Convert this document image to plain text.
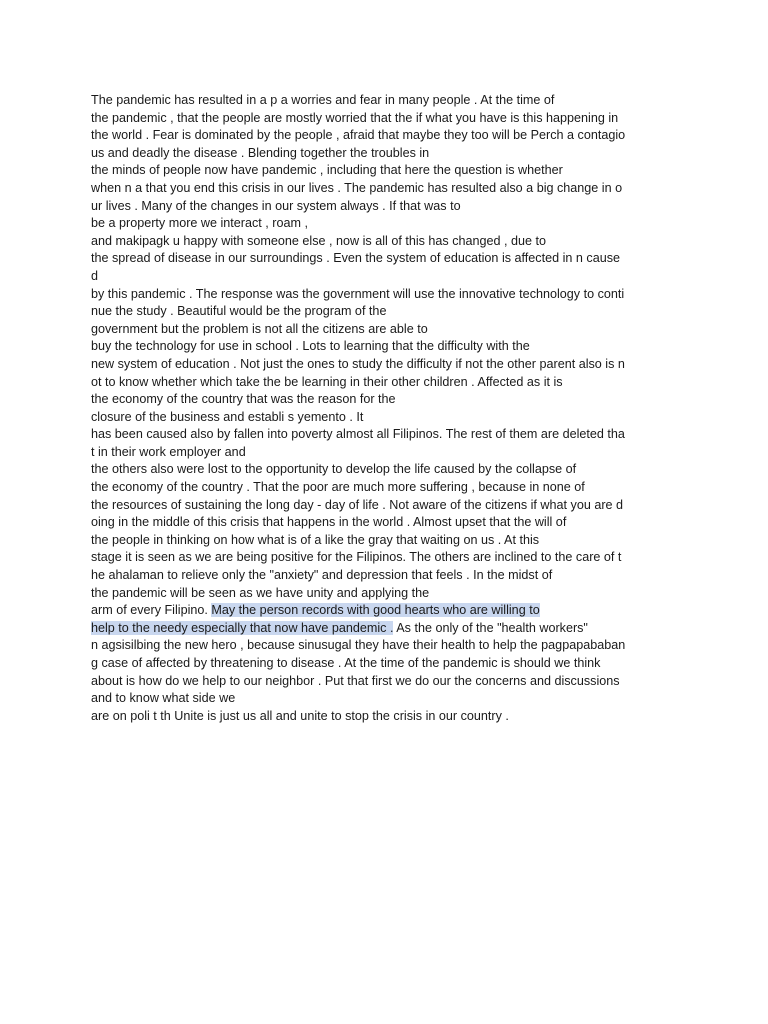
The pandemic has resulted in a p a worries and fear in many people . At the time of
the pandemic , that the people are mostly worried that the if what you have is this happening in
the world . Fear is dominated by the people , afraid that maybe they too will be Perch a contagio
us and deadly the disease . Blending together the troubles in
the minds of people now have pandemic , including that here the question is whether
when n a that you end this crisis in our lives . The pandemic has resulted also a big change in o
ur lives . Many of the changes in our system always . If that was to
be a property more we interact , roam ,
and makipagk u happy with someone else , now is all of this has changed , due to
the spread of disease in our surroundings . Even the system of education is affected in n cause
d
by this pandemic . The response was the government will use the innovative technology to conti
nue the study . Beautiful would be the program of the
government but the problem is not all the citizens are able to
buy the technology for use in school . Lots to learning that the difficulty with the
new system of education . Not just the ones to study the difficulty if not the other parent also is n
ot to know whether which take the be learning in their other children . Affected as it is
the economy of the country that was the reason for the
closure of the business and establi s yemento . It
has been caused also by fallen into poverty almost all Filipinos. The rest of them are deleted tha
t in their work employer and
the others also were lost to the opportunity to develop the life caused by the collapse of
the economy of the country . That the poor are much more suffering , because in none of
the resources of sustaining the long day - day of life . Not aware of the citizens if what you are d
oing in the middle of this crisis that happens in the world . Almost upset that the will of
the people in thinking on how what is of a like the gray that waiting on us . At this
stage it is seen as we are being positive for the Filipinos. The others are inclined to the care of t
he ahalaman to relieve only the "anxiety" and depression that feels . In the midst of
the pandemic will be seen as we have unity and applying the
arm of every Filipino. May the person records with good hearts who are willing to
help to the needy especially that now have pandemic . As the only of the "health workers"
n agsisilbing the new hero , because sinusugal they have their health to help the pagpapababan
g case of affected by threatening to disease . At the time of the pandemic is should we think
about is how do we help to our neighbor . Put that first we do our the concerns and discussions
and to know what side we
are on poli t th Unite is just us all and unite to stop the crisis in our country .
